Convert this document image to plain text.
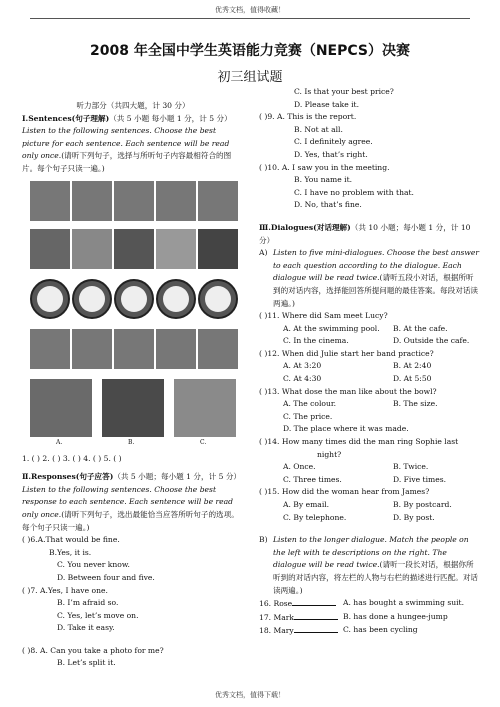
优秀文档，值得收藏！
2008 年全国中学生英语能力竞赛（NEPCS）决赛
初三组试题
听力部分（共四大题，计 30 分）
Ⅰ.Sentences(句子理解)（共 5 小题 每小题 1 分，计 5 分）
Listen to the following sentences. Choose the best picture for each sentence. Each sentence will be read only once.(请听下列句子，选择与所听句子内容最相符合的图片。每个句子只读一遍。)
A.	B.	C.
1. ( ) 2. ( ) 3. ( ) 4. ( ) 5. ( )
Ⅱ.Responses(句子应答)（共 5 小题；每小题 1 分，计 5 分）
Listen to the following sentences. Choose the best response to each sentence. Each sentence will be read only once.(请听下列句子，选出最能恰当应答所听句子的选项。每个句子只读一遍。)
( )6.A.That would be fine.
B.Yes, it is.
C. You never know.
D. Between four and five.
( )7. A.Yes, I have one.
B. I’m afraid so.
C. Yes, let’s move on.
D. Take it easy.
( )8. A. Can you take a photo for me?
B. Let’s split it.
C. Is that your best price?
D. Please take it.
( )9. A. This is the report.
B. Not at all.
C. I definitely agree.
D. Yes, that’s right.
( )10. A. I saw you in the meeting.
B. You name it.
C. I have no problem with that.
D. No, that’s fine.
Ⅲ.Dialogues(对话理解)（共 10 小题；每小题 1 分，计 10 分）
A) Listen to five mini-dialogues. Choose the best answer to each question according to the dialogue. Each dialogue will be read twice.(请听五段小对话，根据所听到的对话内容，选择能回答所提问题的最佳答案。每段对话读两遍。)
( )11. Where did Sam meet Lucy?
A. At the swimming pool.	B. At the cafe.
C. In the cinema.	D. Outside the cafe.
( )12. When did Julie start her band practice?
A. At 3:20	B. At 2:40
C. At 4:30	D. At 5:50
( )13. What dose the man like about the bowl?
A. The colour.	B. The size.
C. The price.
D. The place where it was made.
( )14. How many times did the man ring Sophie last
night?
A. Once.	B. Twice.
C. Three times.	D. Five times.
( )15. How did the woman hear from James?
A. By email.	B. By postcard.
C. By telephone.	D. By post.
B) Listen to the longer dialogue. Match the people on the left with te descriptions on the right. The dialogue will be read twice.(请听一段长对话，根据你所听到的对话内容，将左栏的人物与右栏的描述进行匹配。对话读两遍。)
16. Rose	A. has bought a swimming suit.
17. Mark	B. has done a hungee-jump
18. Mary	C. has been cycling
优秀文档，值得下载！
